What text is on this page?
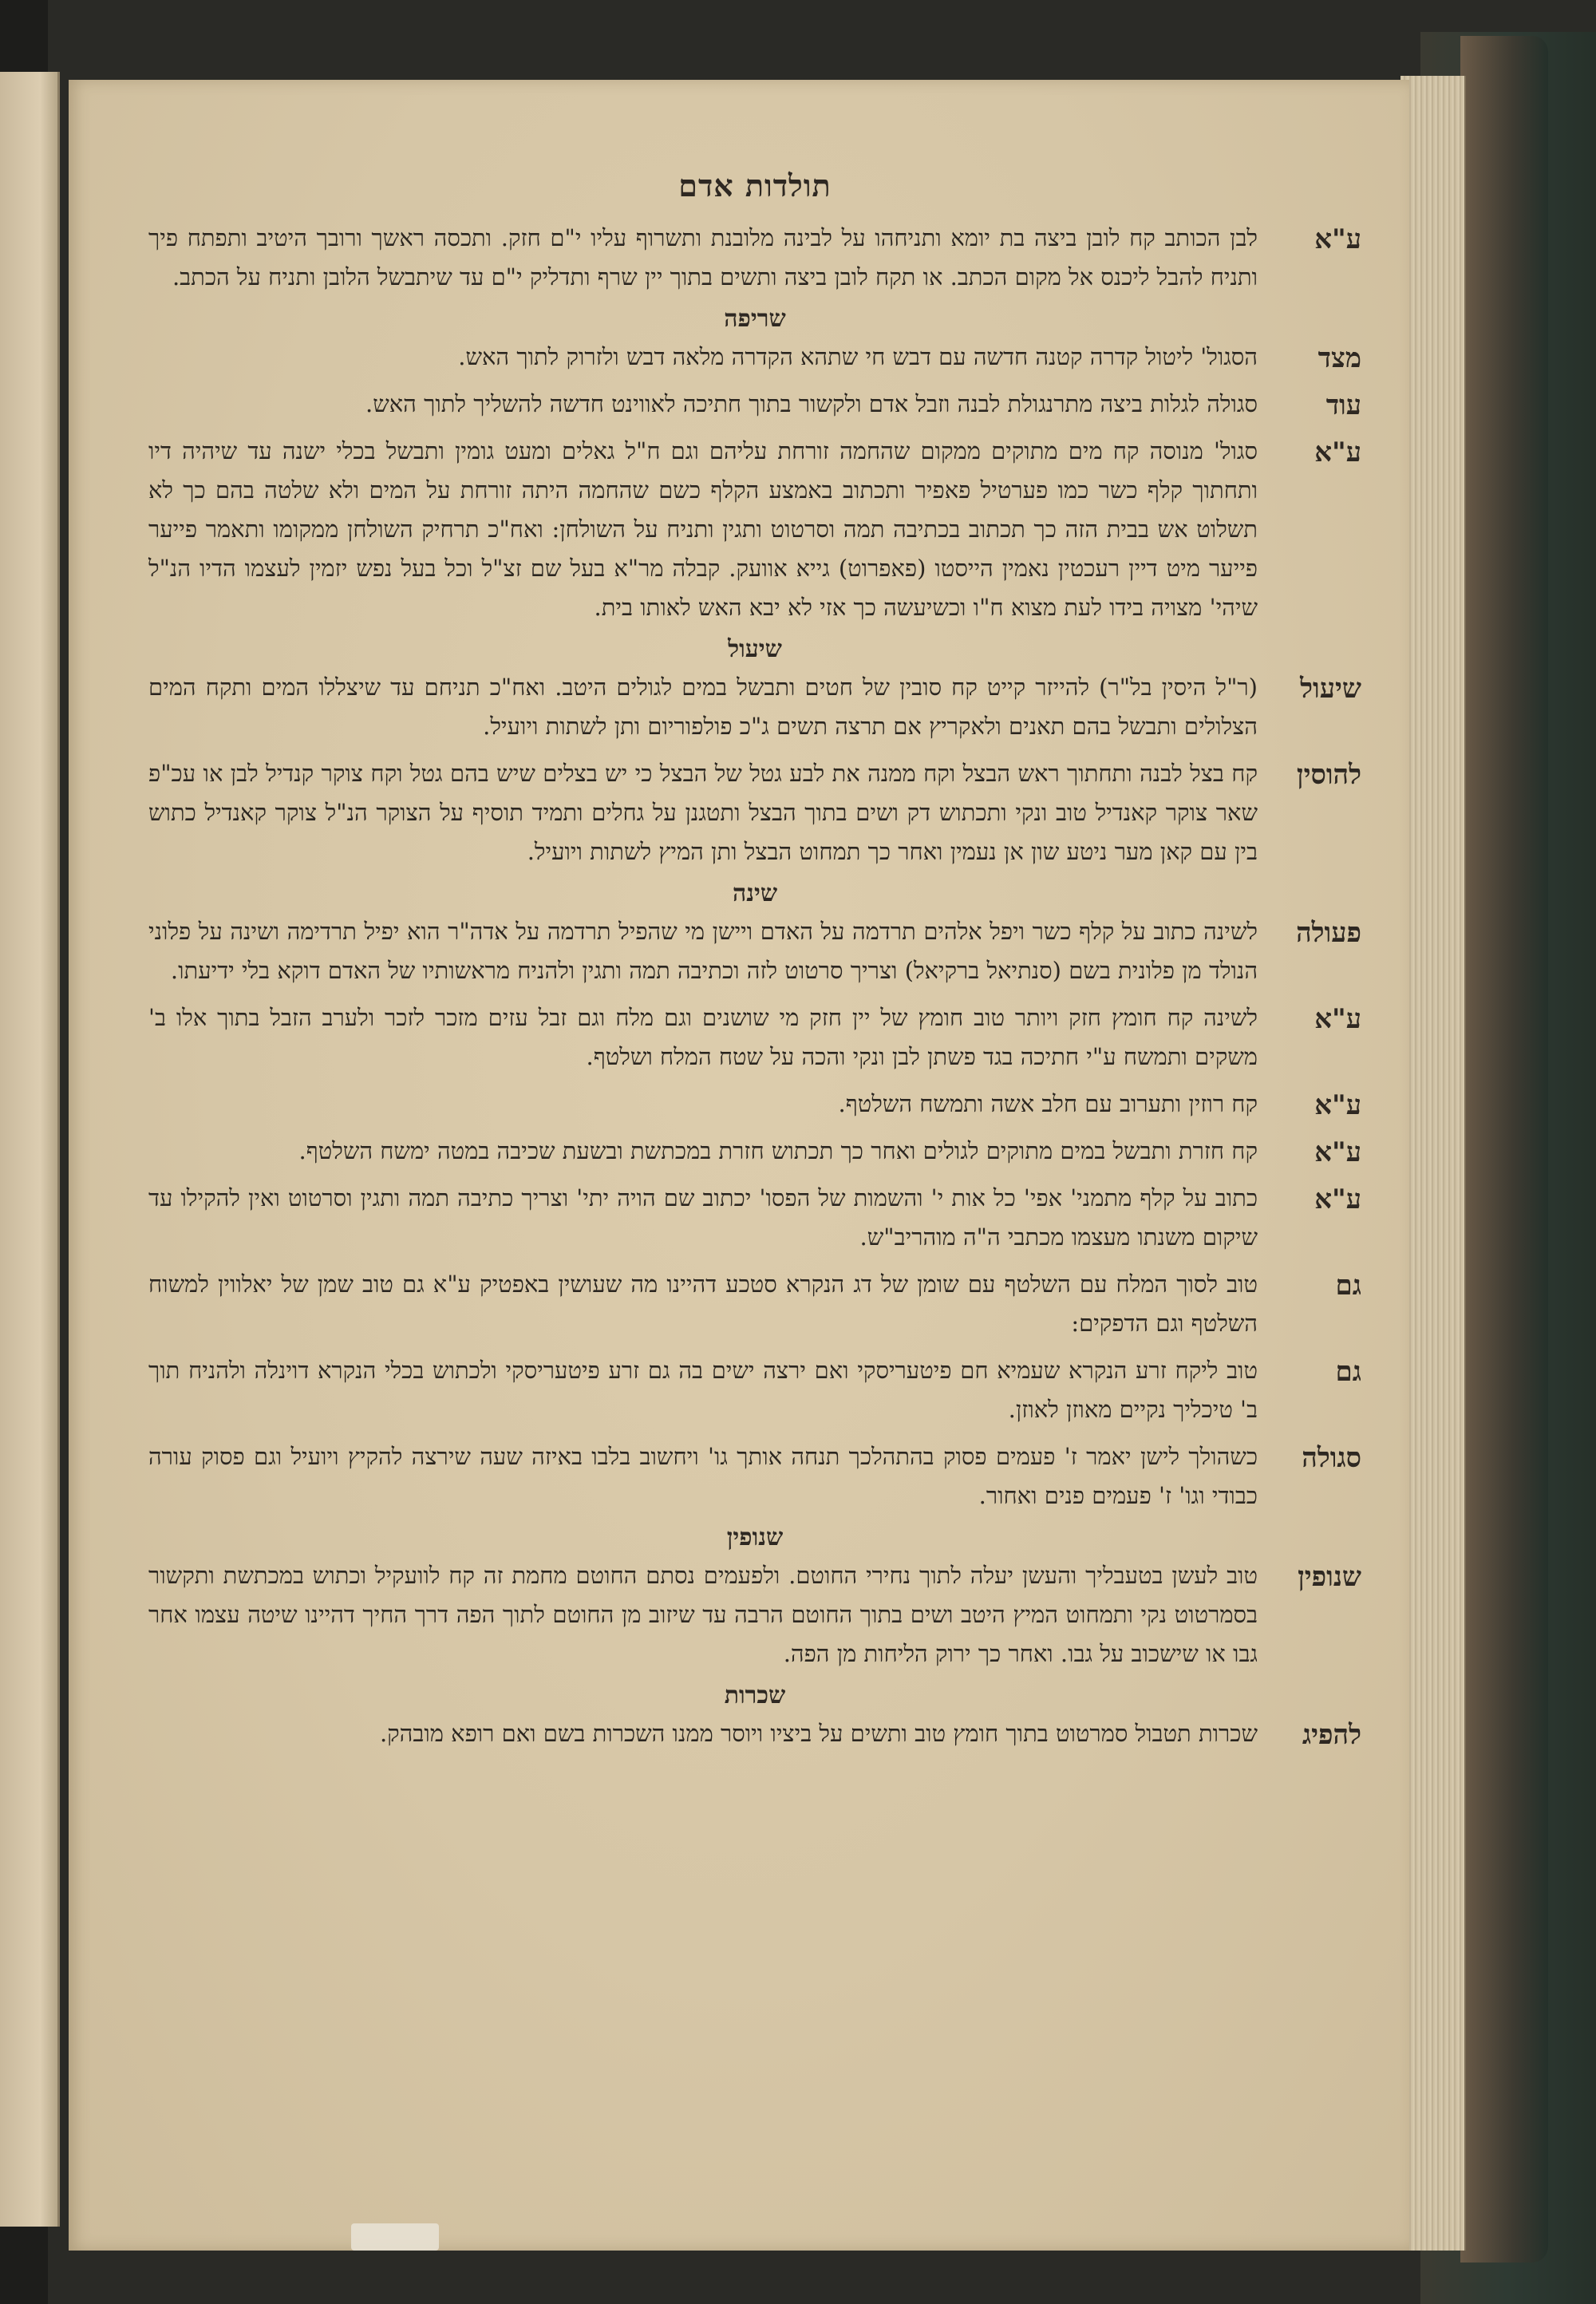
תולדות אדם
ע"א
לבן הכותב קח לובן ביצה בת יומא ותניחהו על לבינה מלובנת ותשרוף עליו י"ם חזק. ותכסה ראשך ורובך היטיב ותפתח פיך ותניח להבל ליכנס אל מקום הכתב. או תקח לובן ביצה ותשים בתוך יין שרף ותדליק י"ם עד שיתבשל הלובן ותניח על הכתב.
שריפה
מצד
הסגול' ליטול קדרה קטנה חדשה עם דבש חי שתהא הקדרה מלאה דבש ולזרוק לתוך האש.
עוד
סגולה לגלות ביצה מתרנגולת לבנה וזבל אדם ולקשור בתוך חתיכה לאווינט חדשה להשליך לתוך האש.
ע"א
סגול' מנוסה קח מים מתוקים ממקום שהחמה זורחת עליהם וגם ח"ל גאלים ומעט גומין ותבשל בכלי ישנה עד שיהיה דיו ותחתוך קלף כשר כמו פערטיל פאפיר ותכתוב באמצע הקלף כשם שהחמה היתה זורחת על המים ולא שלטה בהם כך לא תשלוט אש בבית הזה כך תכתוב בכתיבה תמה וסרטוט ותגין ותניח על השולחן: ואח"כ תרחיק השולחן ממקומו ותאמר פייער פייער מיט דיין רעכטין נאמין הייסטו (פאפרוט) גייא אוועק. קבלה מר"א בעל שם זצ"ל וכל בעל נפש יזמין לעצמו הדיו הנ"ל שיהי' מצויה בידו לעת מצוא ח"ו וכשיעשה כך אזי לא יבא האש לאותו בית.
שיעול
שיעול
(ר"ל היסין בל"ר) להייזר קייט קח סובין של חטים ותבשל במים לגולים היטב. ואח"כ תניחם עד שיצללו המים ותקח המים הצלולים ותבשל בהם תאנים ולאקריץ אם תרצה תשים ג"כ פולפוריום ותן לשתות ויועיל.
להוסין
קח בצל לבנה ותחתוך ראש הבצל וקח ממנה את לבע גטל של הבצל כי יש בצלים שיש בהם גטל וקח צוקר קנדיל לבן או עכ"פ שאר צוקר קאנדיל טוב ונקי ותכתוש דק ושים בתוך הבצל ותטגנן על גחלים ותמיד תוסיף על הצוקר הנ"ל צוקר קאנדיל כתוש בין עם קאן מער ניטע שון אן נעמין ואחר כך תמחוט הבצל ותן המיץ לשתות ויועיל.
שינה
פעולה
לשינה כתוב על קלף כשר ויפל אלהים תרדמה על האדם ויישן מי שהפיל תרדמה על אדה"ר הוא יפיל תרדימה ושינה על פלוני הנולד מן פלונית בשם (סנתיאל ברקיאל) וצריך סרטוט לזה וכתיבה תמה ותגין ולהניח מראשותיו של האדם דוקא בלי ידיעתו.
ע"א
לשינה קח חומץ חזק ויותר טוב חומץ של יין חזק מי שושנים וגם מלח וגם זבל עזים מזכר לזכר ולערב הזבל בתוך אלו ב' משקים ותמשח ע"י חתיכה בגד פשתן לבן ונקי והכה על שטח המלח ושלטף.
ע"א
קח רוזין ותערוב עם חלב אשה ותמשח השלטף.
ע"א
קח חזרת ותבשל במים מתוקים לגולים ואחר כך תכתוש חזרת במכתשת ובשעת שכיבה במטה ימשח השלטף.
ע"א
כתוב על קלף מתמני' אפי' כל אות י' והשמות של הפסו' יכתוב שם הויה יתי' וצריך כתיבה תמה ותגין וסרטוט ואין להקילו עד שיקום משנתו מעצמו מכתבי ה"ה מוהריב"ש.
גם
טוב לסוך המלח עם השלטף עם שומן של דג הנקרא סטכע דהיינו מה שעושין באפטיק ע"א גם טוב שמן של יאלווין למשוח השלטף וגם הדפקים:
גם
טוב ליקח זרע הנקרא שעמיא חם פיטעריסקי ואם ירצה ישים בה גם זרע פיטעריסקי ולכתוש בכלי הנקרא דוינלה ולהניח תוך ב' טיכליך נקיים מאוזן לאוזן.
סגולה
כשהולך לישן יאמר ז' פעמים פסוק בהתהלכך תנחה אותך גו' ויחשוב בלבו באיזה שעה שירצה להקיץ ויועיל וגם פסוק עורה כבודי וגו' ז' פעמים פנים ואחור.
שנופין
שנופין
טוב לעשן בטעבליך והעשן יעלה לתוך נחירי החוטם. ולפעמים נסתם החוטם מחמת זה קח לוועקיל וכתוש במכתשת ותקשור בסמרטוט נקי ותמחוט המיץ היטב ושים בתוך החוטם הרבה עד שיזוב מן החוטם לתוך הפה דרך החיך דהיינו שיטה עצמו אחר גבו או שישכוב על גבו. ואחר כך ירוק הליחות מן הפה.
שכרות
להפיג
שכרות תטבול סמרטוט בתוך חומץ טוב ותשים על ביציו ויוסר ממנו השכרות בשם ואם רופא מובהק.
